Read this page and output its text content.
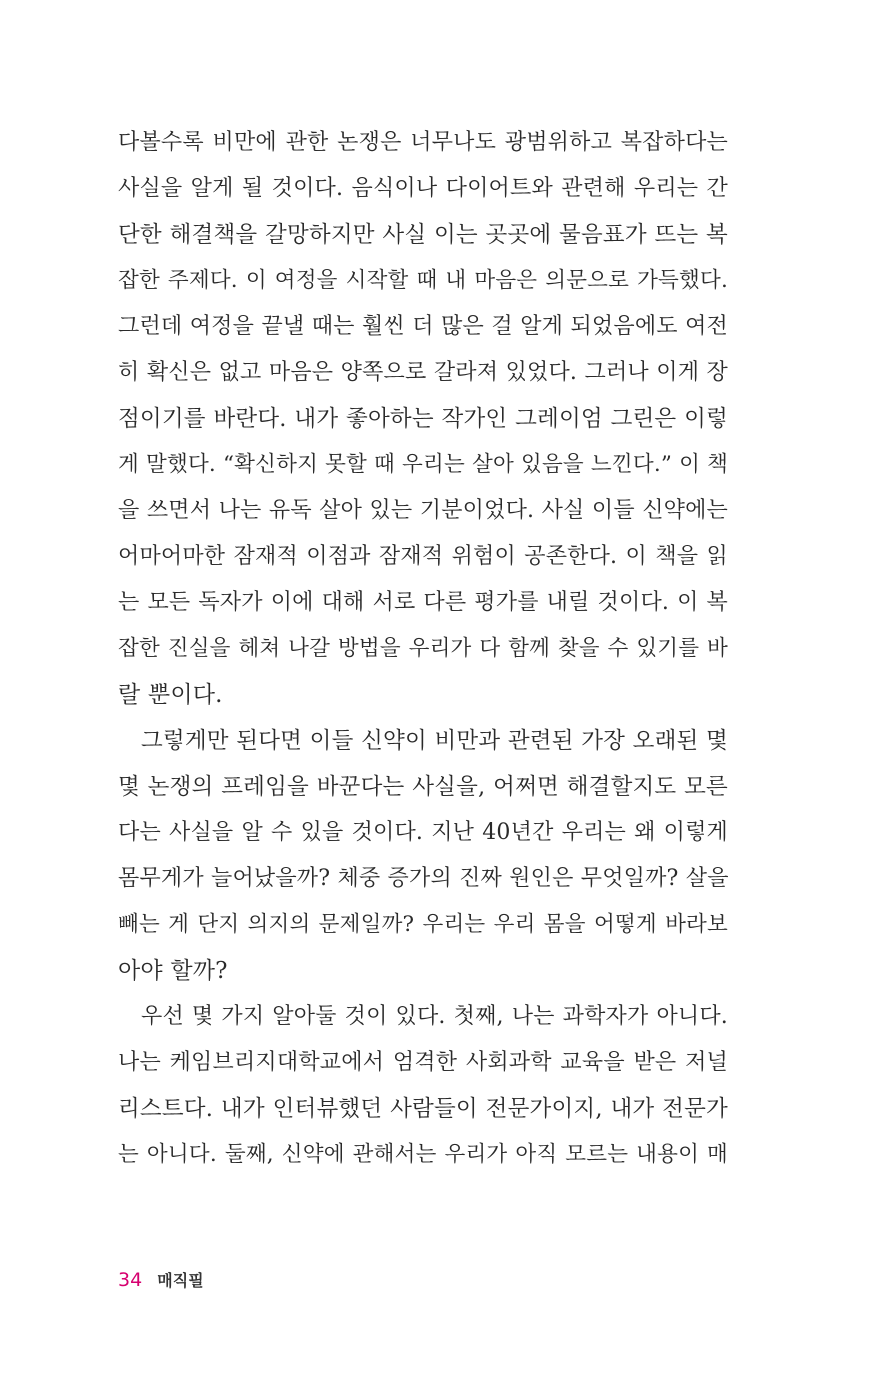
다볼수록 비만에 관한 논쟁은 너무나도 광범위하고 복잡하다는
사실을 알게 될 것이다. 음식이나 다이어트와 관련해 우리는 간
단한 해결책을 갈망하지만 사실 이는 곳곳에 물음표가 뜨는 복
잡한 주제다. 이 여정을 시작할 때 내 마음은 의문으로 가득했다.
그런데 여정을 끝낼 때는 훨씬 더 많은 걸 알게 되었음에도 여전
히 확신은 없고 마음은 양쪽으로 갈라져 있었다. 그러나 이게 장
점이기를 바란다. 내가 좋아하는 작가인 그레이엄 그린은 이렇
게 말했다. “확신하지 못할 때 우리는 살아 있음을 느낀다.” 이 책
을 쓰면서 나는 유독 살아 있는 기분이었다. 사실 이들 신약에는
어마어마한 잠재적 이점과 잠재적 위험이 공존한다. 이 책을 읽
는 모든 독자가 이에 대해 서로 다른 평가를 내릴 것이다. 이 복
잡한 진실을 헤쳐 나갈 방법을 우리가 다 함께 찾을 수 있기를 바
랄 뿐이다.
그렇게만 된다면 이들 신약이 비만과 관련된 가장 오래된 몇
몇 논쟁의 프레임을 바꾼다는 사실을, 어쩌면 해결할지도 모른
다는 사실을 알 수 있을 것이다. 지난 40년간 우리는 왜 이렇게
몸무게가 늘어났을까? 체중 증가의 진짜 원인은 무엇일까? 살을
빼는 게 단지 의지의 문제일까? 우리는 우리 몸을 어떻게 바라보
아야 할까?
우선 몇 가지 알아둘 것이 있다. 첫째, 나는 과학자가 아니다.
나는 케임브리지대학교에서 엄격한 사회과학 교육을 받은 저널
리스트다. 내가 인터뷰했던 사람들이 전문가이지, 내가 전문가
는 아니다. 둘째, 신약에 관해서는 우리가 아직 모르는 내용이 매
34 매직필
